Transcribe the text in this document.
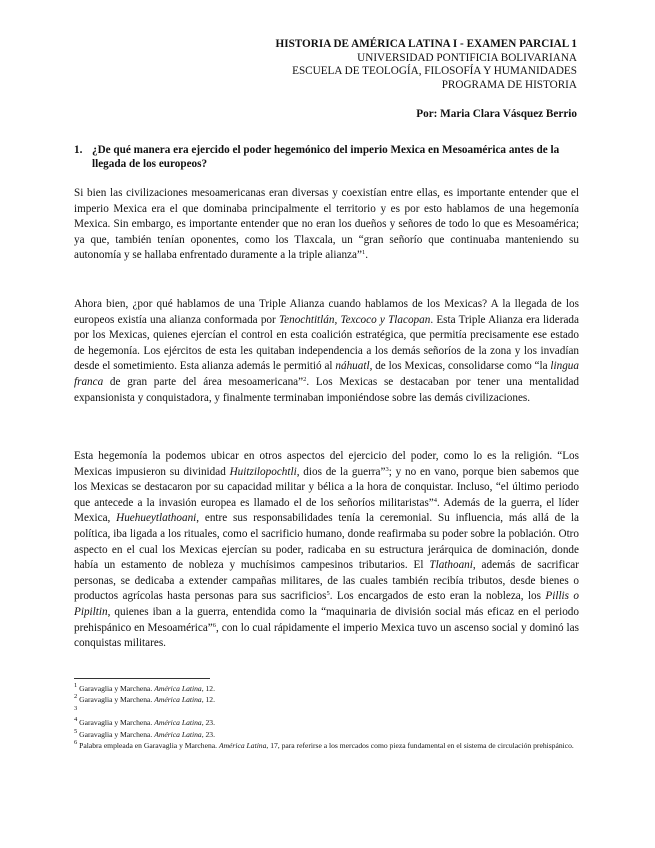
HISTORIA DE AMÉRICA LATINA I - EXAMEN PARCIAL 1
UNIVERSIDAD PONTIFICIA BOLIVARIANA
ESCUELA DE TEOLOGÍA, FILOSOFÍA Y HUMANIDADES
PROGRAMA DE HISTORIA
Por: Maria Clara Vásquez Berrio
1. ¿De qué manera era ejercido el poder hegemónico del imperio Mexica en Mesoamérica antes de la llegada de los europeos?

Si bien las civilizaciones mesoamericanas eran diversas y coexistían entre ellas, es importante entender que el imperio Mexica era el que dominaba principalmente el territorio y es por esto hablamos de una hegemonía Mexica. Sin embargo, es importante entender que no eran los dueños y señores de todo lo que es Mesoamérica; ya que, también tenían oponentes, como los Tlaxcala, un “gran señorío que continuaba manteniendo su autonomía y se hallaba enfrentado duramente a la triple alianza”$^1$.

Ahora bien, ¿por qué hablamos de una Triple Alianza cuando hablamos de los Mexicas? A la llegada de los europeos existía una alianza conformada por Tenochtitlán, Texcoco y Tlacopan. Esta Triple Alianza era liderada por los Mexicas, quienes ejercían el control en esta coalición estratégica, que permitía precisamente ese estado de hegemonía. Los ejércitos de esta les quitaban independencia a los demás señoríos de la zona y los invadían desde el sometimiento. Esta alianza además le permitió al náhuatl, de los Mexicas, consolidarse como “la lingua franca de gran parte del área mesoamericana”$^2$. Los Mexicas se destacaban por tener una mentalidad expansionista y conquistadora, y finalmente terminaban imponiéndose sobre las demás civilizaciones.

Esta hegemonía la podemos ubicar en otros aspectos del ejercicio del poder, como lo es la religión. “Los Mexicas impusieron su divinidad Huitzilopochtli, dios de la guerra”$^3$; y no en vano, porque bien sabemos que los Mexicas se destacaron por su capacidad militar y bélica a la hora de conquistar. Incluso, “el último periodo que antecede a la invasión europea es llamado el de los señoríos militaristas”$^4$. Además de la guerra, el líder Mexica, Huehueytlathoani, entre sus responsabilidades tenía la ceremonial. Su influencia, más allá de la política, iba ligada a los rituales, como el sacrificio humano, donde reafirmaba su poder sobre la población. Otro aspecto en el cual los Mexicas ejercían su poder, radicaba en su estructura jerárquica de dominación, donde había un estamento de nobleza y muchísimos campesinos tributarios. El Tlathoani, además de sacrificar personas, se dedicaba a extender campañas militares, de las cuales también recibía tributos, desde bienes o productos agrícolas hasta personas para sus sacrificios$^5$. Los encargados de esto eran la nobleza, los Pillis o Pipiltin, quienes iban a la guerra, entendida como la “maquinaria de división social más eficaz en el periodo prehispánico en Mesoamérica”$^6$, con lo cual rápidamente el imperio Mexica tuvo un ascenso social y dominó las conquistas militares.

$^1$ Garavaglia y Marchena. América Latina, 12.

$^2$ Garavaglia y Marchena. América Latina, 12.

$^3$

$^4$ Garavaglia y Marchena. América Latina, 23.

$^5$ Garavaglia y Marchena. América Latina, 23.

$^6$ Palabra empleada en Garavaglia y Marchena. América Latina, 17, para referirse a los mercados como pieza fundamental en el sistema de circulación prehispánico.
